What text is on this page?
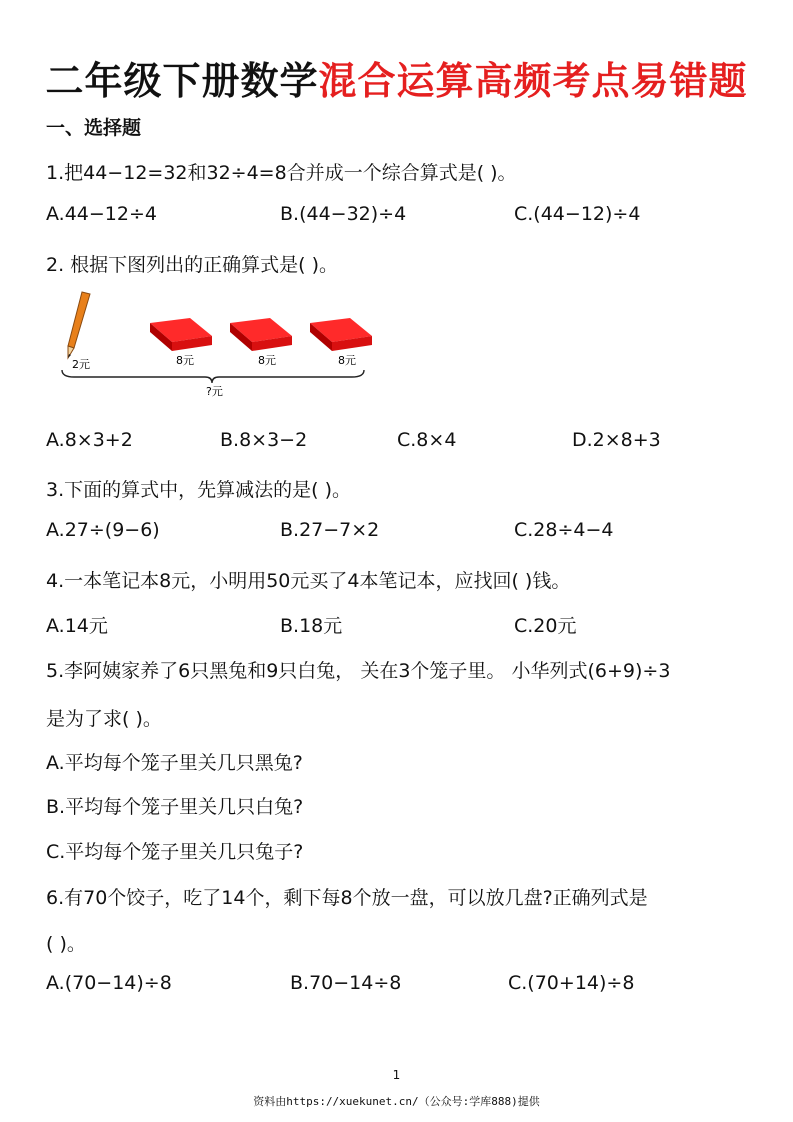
二年级下册数学混合运算高频考点易错题
一、选择题
1.把44−12=32和32÷4=8合并成一个综合算式是( )。
A.44−12÷4	B.(44−32)÷4	C.(44−12)÷4
2. 根据下图列出的正确算式是( )。
2元	8元	8元	8元
?元
A.8×3+2	B.8×3−2	C.8×4	D.2×8+3
3.下面的算式中，先算减法的是( )。
A.27÷(9−6)	B.27−7×2	C.28÷4−4
4.一本笔记本8元，小明用50元买了4本笔记本，应找回( )钱。
A.14元	B.18元	C.20元
5.李阿姨家养了6只黑兔和9只白兔， 关在3个笼子里。 小华列式(6+9)÷3
是为了求( )。
A.平均每个笼子里关几只黑兔?
B.平均每个笼子里关几只白兔?
C.平均每个笼子里关几只兔子?
6.有70个饺子，吃了14个，剩下每8个放一盘，可以放几盘?正确列式是
( )。
A.(70−14)÷8	B.70−14÷8	C.(70+14)÷8
1
资料由https://xuekunet.cn/（公众号:学库888)提供
